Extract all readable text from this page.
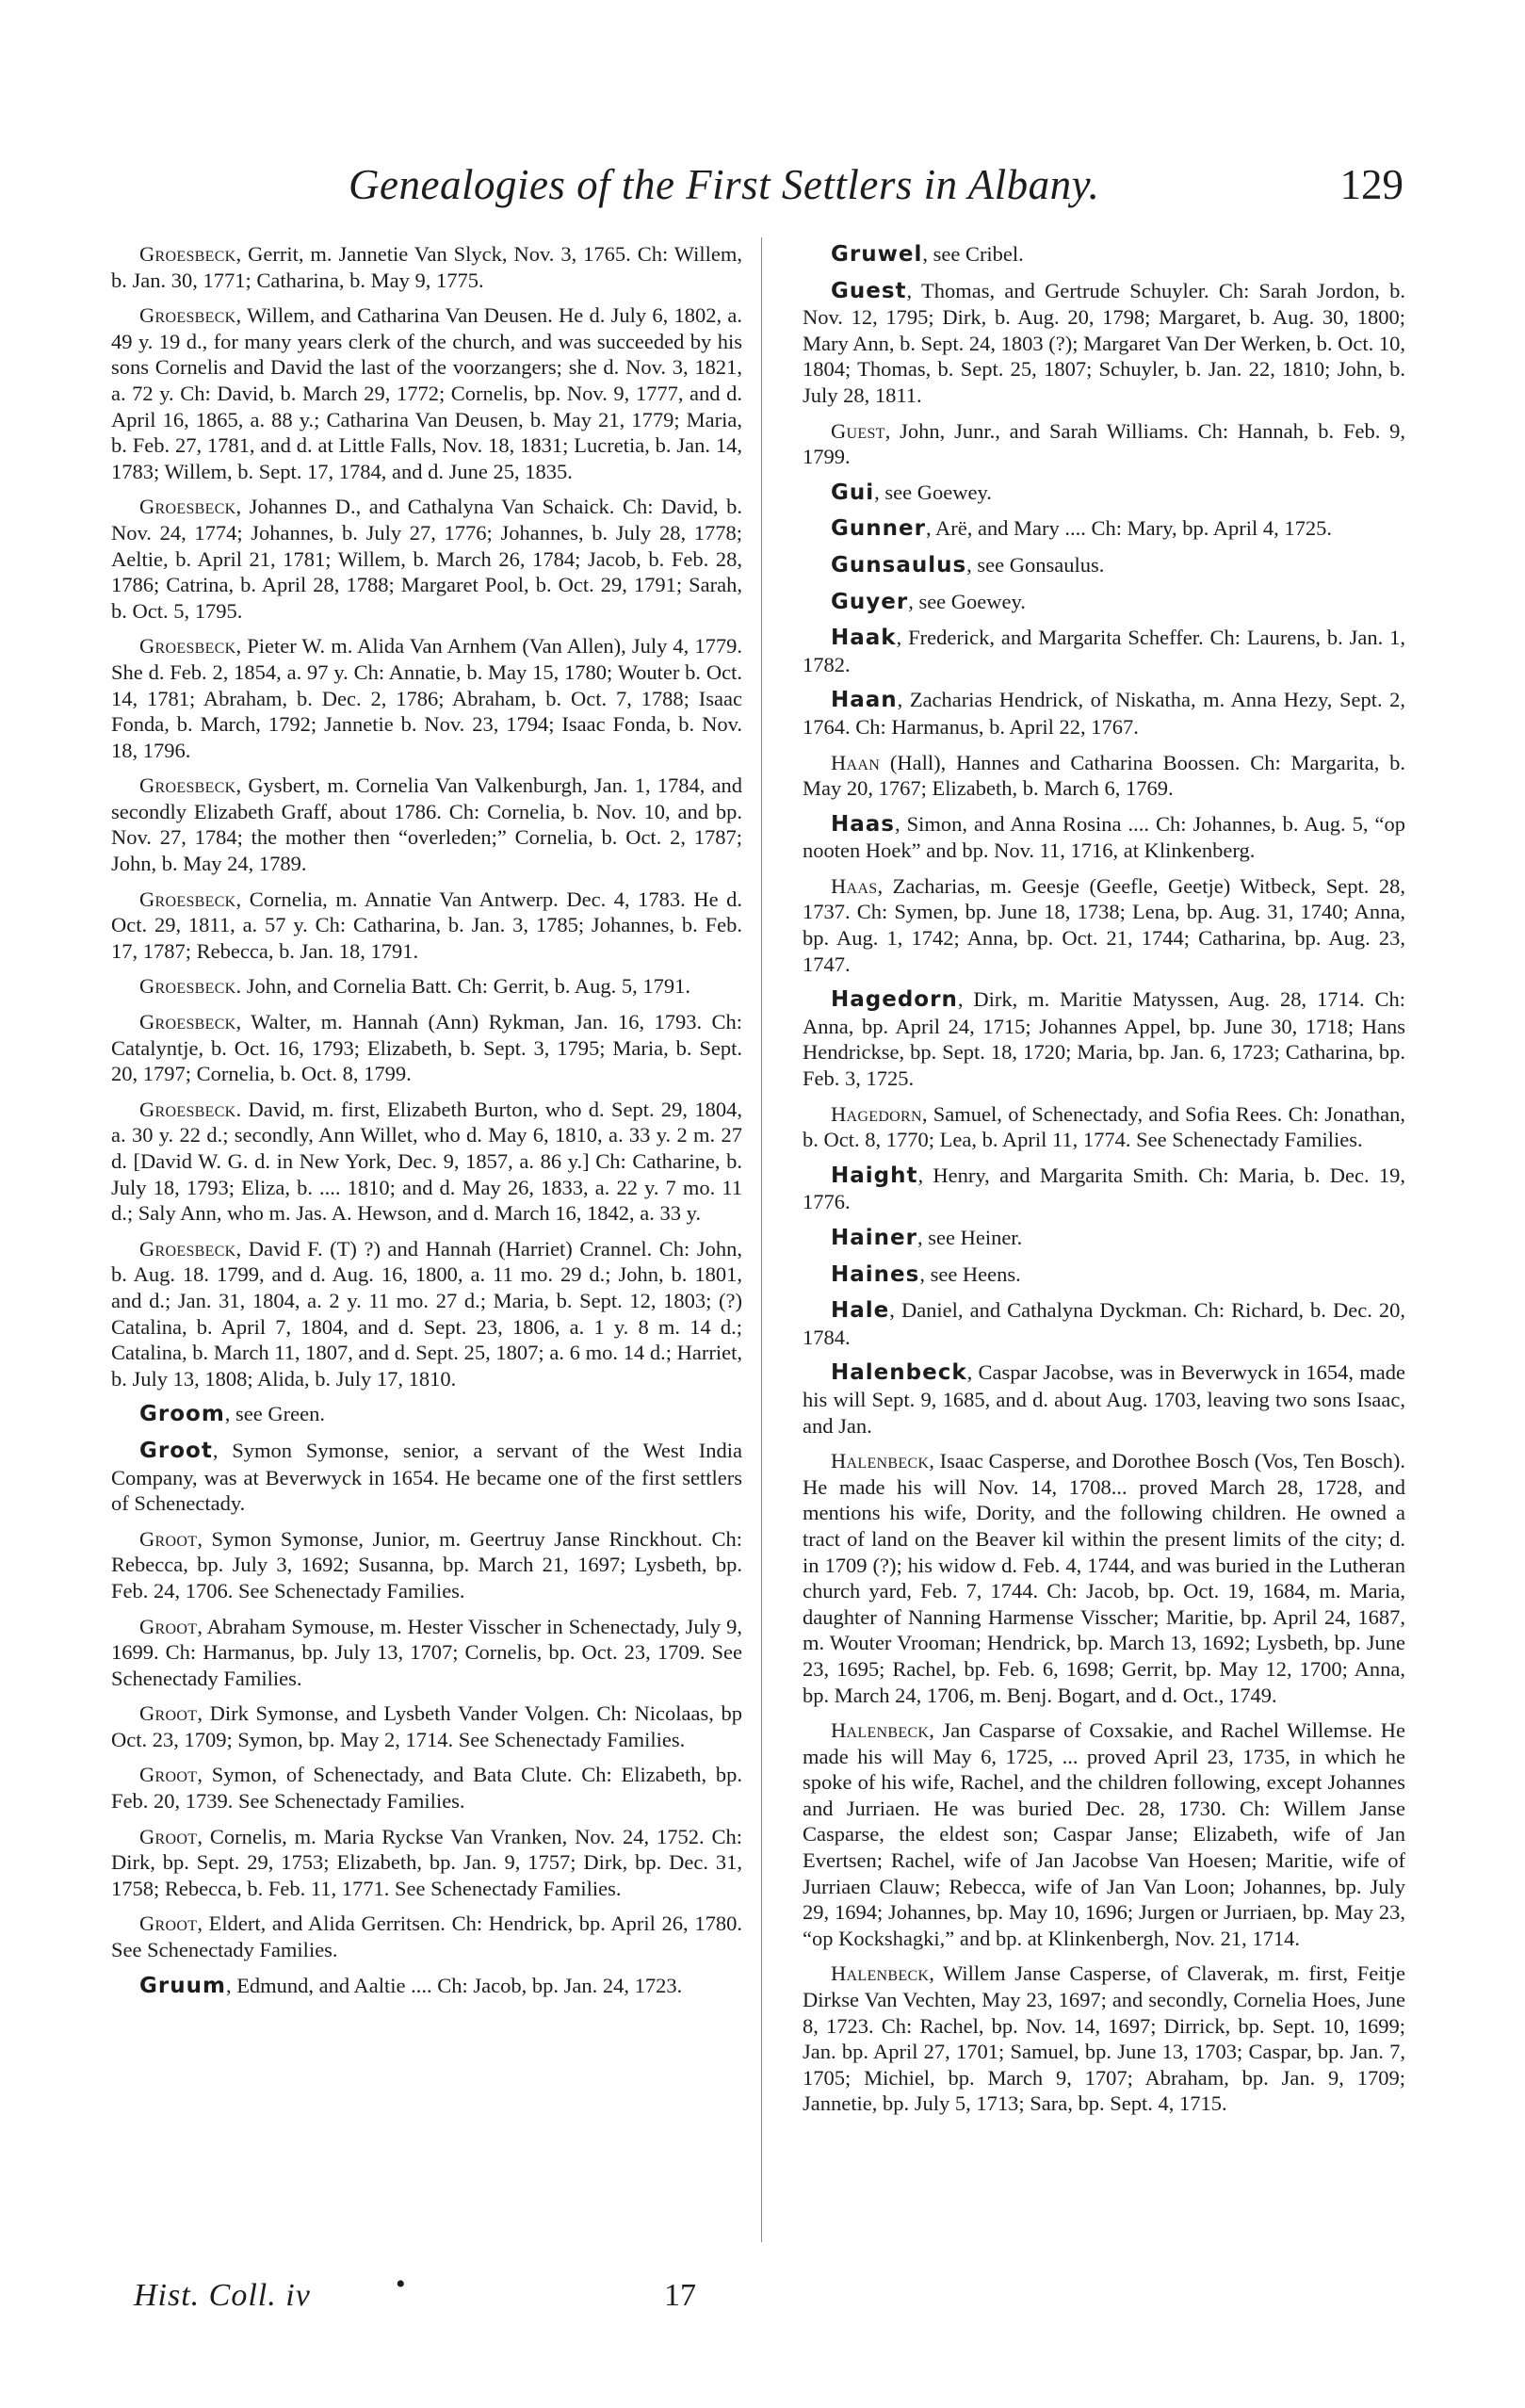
Genealogies of the First Settlers in Albany.	129

Groesbeck, Gerrit, m. Jannetie Van Slyck, Nov. 3, 1765. Ch: Willem, b. Jan. 30, 1771; Catharina, b. May 9, 1775.

Groesbeck, Willem, and Catharina Van Deusen. He d. July 6, 1802, a. 49 y. 19 d., for many years clerk of the church, and was succeeded by his sons Cornelis and David the last of the voorzangers; she d. Nov. 3, 1821, a. 72 y. Ch: David, b. March 29, 1772; Cornelis, bp. Nov. 9, 1777, and d. April 16, 1865, a. 88 y.; Catharina Van Deusen, b. May 21, 1779; Maria, b. Feb. 27, 1781, and d. at Little Falls, Nov. 18, 1831; Lucretia, b. Jan. 14, 1783; Willem, b. Sept. 17, 1784, and d. June 25, 1835.

Groesbeck, Johannes D., and Cathalyna Van Schaick. Ch: David, b. Nov. 24, 1774; Johannes, b. July 27, 1776; Johannes, b. July 28, 1778; Aeltie, b. April 21, 1781; Willem, b. March 26, 1784; Jacob, b. Feb. 28, 1786; Catrina, b. April 28, 1788; Margaret Pool, b. Oct. 29, 1791; Sarah, b. Oct. 5, 1795.

Groesbeck, Pieter W. m. Alida Van Arnhem (Van Allen), July 4, 1779. She d. Feb. 2, 1854, a. 97 y. Ch: Annatie, b. May 15, 1780; Wouter b. Oct. 14, 1781; Abraham, b. Dec. 2, 1786; Abraham, b. Oct. 7, 1788; Isaac Fonda, b. March, 1792; Jannetie b. Nov. 23, 1794; Isaac Fonda, b. Nov. 18, 1796.

Groesbeck, Gysbert, m. Cornelia Van Valkenburgh, Jan. 1, 1784, and secondly Elizabeth Graff, about 1786. Ch: Cornelia, b. Nov. 10, and bp. Nov. 27, 1784; the mother then “overleden;” Cornelia, b. Oct. 2, 1787; John, b. May 24, 1789.

Groesbeck, Cornelia, m. Annatie Van Antwerp. Dec. 4, 1783. He d. Oct. 29, 1811, a. 57 y. Ch: Catharina, b. Jan. 3, 1785; Johannes, b. Feb. 17, 1787; Rebecca, b. Jan. 18, 1791.

Groesbeck. John, and Cornelia Batt. Ch: Gerrit, b. Aug. 5, 1791.

Groesbeck, Walter, m. Hannah (Ann) Rykman, Jan. 16, 1793. Ch: Catalyntje, b. Oct. 16, 1793; Elizabeth, b. Sept. 3, 1795; Maria, b. Sept. 20, 1797; Cornelia, b. Oct. 8, 1799.

Groesbeck. David, m. first, Elizabeth Burton, who d. Sept. 29, 1804, a. 30 y. 22 d.; secondly, Ann Willet, who d. May 6, 1810, a. 33 y. 2 m. 27 d. [David W. G. d. in New York, Dec. 9, 1857, a. 86 y.] Ch: Catharine, b. July 18, 1793; Eliza, b. .... 1810; and d. May 26, 1833, a. 22 y. 7 mo. 11 d.; Saly Ann, who m. Jas. A. Hewson, and d. March 16, 1842, a. 33 y.

Groesbeck, David F. (T) ?) and Hannah (Harriet) Crannel. Ch: John, b. Aug. 18. 1799, and d. Aug. 16, 1800, a. 11 mo. 29 d.; John, b. 1801, and d.; Jan. 31, 1804, a. 2 y. 11 mo. 27 d.; Maria, b. Sept. 12, 1803; (?) Catalina, b. April 7, 1804, and d. Sept. 23, 1806, a. 1 y. 8 m. 14 d.; Catalina, b. March 11, 1807, and d. Sept. 25, 1807; a. 6 mo. 14 d.; Harriet, b. July 13, 1808; Alida, b. July 17, 1810.

Groom, see Green.

Groot, Symon Symonse, senior, a servant of the West India Company, was at Beverwyck in 1654. He became one of the first settlers of Schenectady.

Groot, Symon Symonse, Junior, m. Geertruy Janse Rinckhout. Ch: Rebecca, bp. July 3, 1692; Susanna, bp. March 21, 1697; Lysbeth, bp. Feb. 24, 1706. See Schenectady Families.

Groot, Abraham Symouse, m. Hester Visscher in Schenectady, July 9, 1699. Ch: Harmanus, bp. July 13, 1707; Cornelis, bp. Oct. 23, 1709. See Schenectady Families.

Groot, Dirk Symonse, and Lysbeth Vander Volgen. Ch: Nicolaas, bp Oct. 23, 1709; Symon, bp. May 2, 1714. See Schenectady Families.

Groot, Symon, of Schenectady, and Bata Clute. Ch: Elizabeth, bp. Feb. 20, 1739. See Schenectady Families.

Groot, Cornelis, m. Maria Ryckse Van Vranken, Nov. 24, 1752. Ch: Dirk, bp. Sept. 29, 1753; Elizabeth, bp. Jan. 9, 1757; Dirk, bp. Dec. 31, 1758; Rebecca, b. Feb. 11, 1771. See Schenectady Families.

Groot, Eldert, and Alida Gerritsen. Ch: Hendrick, bp. April 26, 1780. See Schenectady Families.

Gruum, Edmund, and Aaltie .... Ch: Jacob, bp. Jan. 24, 1723.

Gruwel, see Cribel.

Guest, Thomas, and Gertrude Schuyler. Ch: Sarah Jordon, b. Nov. 12, 1795; Dirk, b. Aug. 20, 1798; Margaret, b. Aug. 30, 1800; Mary Ann, b. Sept. 24, 1803 (?); Margaret Van Der Werken, b. Oct. 10, 1804; Thomas, b. Sept. 25, 1807; Schuyler, b. Jan. 22, 1810; John, b. July 28, 1811.

Guest, John, Junr., and Sarah Williams. Ch: Hannah, b. Feb. 9, 1799.

Gui, see Goewey.

Gunner, Arë, and Mary .... Ch: Mary, bp. April 4, 1725.

Gunsaulus, see Gonsaulus.

Guyer, see Goewey.

Haak, Frederick, and Margarita Scheffer. Ch: Laurens, b. Jan. 1, 1782.

Haan, Zacharias Hendrick, of Niskatha, m. Anna Hezy, Sept. 2, 1764. Ch: Harmanus, b. April 22, 1767.

Haan (Hall), Hannes and Catharina Boossen. Ch: Margarita, b. May 20, 1767; Elizabeth, b. March 6, 1769.

Haas, Simon, and Anna Rosina .... Ch: Johannes, b. Aug. 5, “op nooten Hoek” and bp. Nov. 11, 1716, at Klinkenberg.

Haas, Zacharias, m. Geesje (Geefle, Geetje) Witbeck, Sept. 28, 1737. Ch: Symen, bp. June 18, 1738; Lena, bp. Aug. 31, 1740; Anna, bp. Aug. 1, 1742; Anna, bp. Oct. 21, 1744; Catharina, bp. Aug. 23, 1747.

Hagedorn, Dirk, m. Maritie Matyssen, Aug. 28, 1714. Ch: Anna, bp. April 24, 1715; Johannes Appel, bp. June 30, 1718; Hans Hendrickse, bp. Sept. 18, 1720; Maria, bp. Jan. 6, 1723; Catharina, bp. Feb. 3, 1725.

Hagedorn, Samuel, of Schenectady, and Sofia Rees. Ch: Jonathan, b. Oct. 8, 1770; Lea, b. April 11, 1774. See Schenectady Families.

Haight, Henry, and Margarita Smith. Ch: Maria, b. Dec. 19, 1776.

Hainer, see Heiner.

Haines, see Heens.

Hale, Daniel, and Cathalyna Dyckman. Ch: Richard, b. Dec. 20, 1784.

Halenbeck, Caspar Jacobse, was in Beverwyck in 1654, made his will Sept. 9, 1685, and d. about Aug. 1703, leaving two sons Isaac, and Jan.

Halenbeck, Isaac Casperse, and Dorothee Bosch (Vos, Ten Bosch). He made his will Nov. 14, 1708... proved March 28, 1728, and mentions his wife, Dority, and the following children. He owned a tract of land on the Beaver kil within the present limits of the city; d. in 1709 (?); his widow d. Feb. 4, 1744, and was buried in the Lutheran church yard, Feb. 7, 1744. Ch: Jacob, bp. Oct. 19, 1684, m. Maria, daughter of Nanning Harmense Visscher; Maritie, bp. April 24, 1687, m. Wouter Vrooman; Hendrick, bp. March 13, 1692; Lysbeth, bp. June 23, 1695; Rachel, bp. Feb. 6, 1698; Gerrit, bp. May 12, 1700; Anna, bp. March 24, 1706, m. Benj. Bogart, and d. Oct., 1749.

Halenbeck, Jan Casparse of Coxsakie, and Rachel Willemse. He made his will May 6, 1725, ... proved April 23, 1735, in which he spoke of his wife, Rachel, and the children following, except Johannes and Jurriaen. He was buried Dec. 28, 1730. Ch: Willem Janse Casparse, the eldest son; Caspar Janse; Elizabeth, wife of Jan Evertsen; Rachel, wife of Jan Jacobse Van Hoesen; Maritie, wife of Jurriaen Clauw; Rebecca, wife of Jan Van Loon; Johannes, bp. July 29, 1694; Johannes, bp. May 10, 1696; Jurgen or Jurriaen, bp. May 23, “op Kockshagki,” and bp. at Klinkenbergh, Nov. 21, 1714.

Halenbeck, Willem Janse Casperse, of Claverak, m. first, Feitje Dirkse Van Vechten, May 23, 1697; and secondly, Cornelia Hoes, June 8, 1723. Ch: Rachel, bp. Nov. 14, 1697; Dirrick, bp. Sept. 10, 1699; Jan. bp. April 27, 1701; Samuel, bp. June 13, 1703; Caspar, bp. Jan. 7, 1705; Michiel, bp. March 9, 1707; Abraham, bp. Jan. 9, 1709; Jannetie, bp. July 5, 1713; Sara, bp. Sept. 4, 1715.

Hist. Coll. iv	•	17
